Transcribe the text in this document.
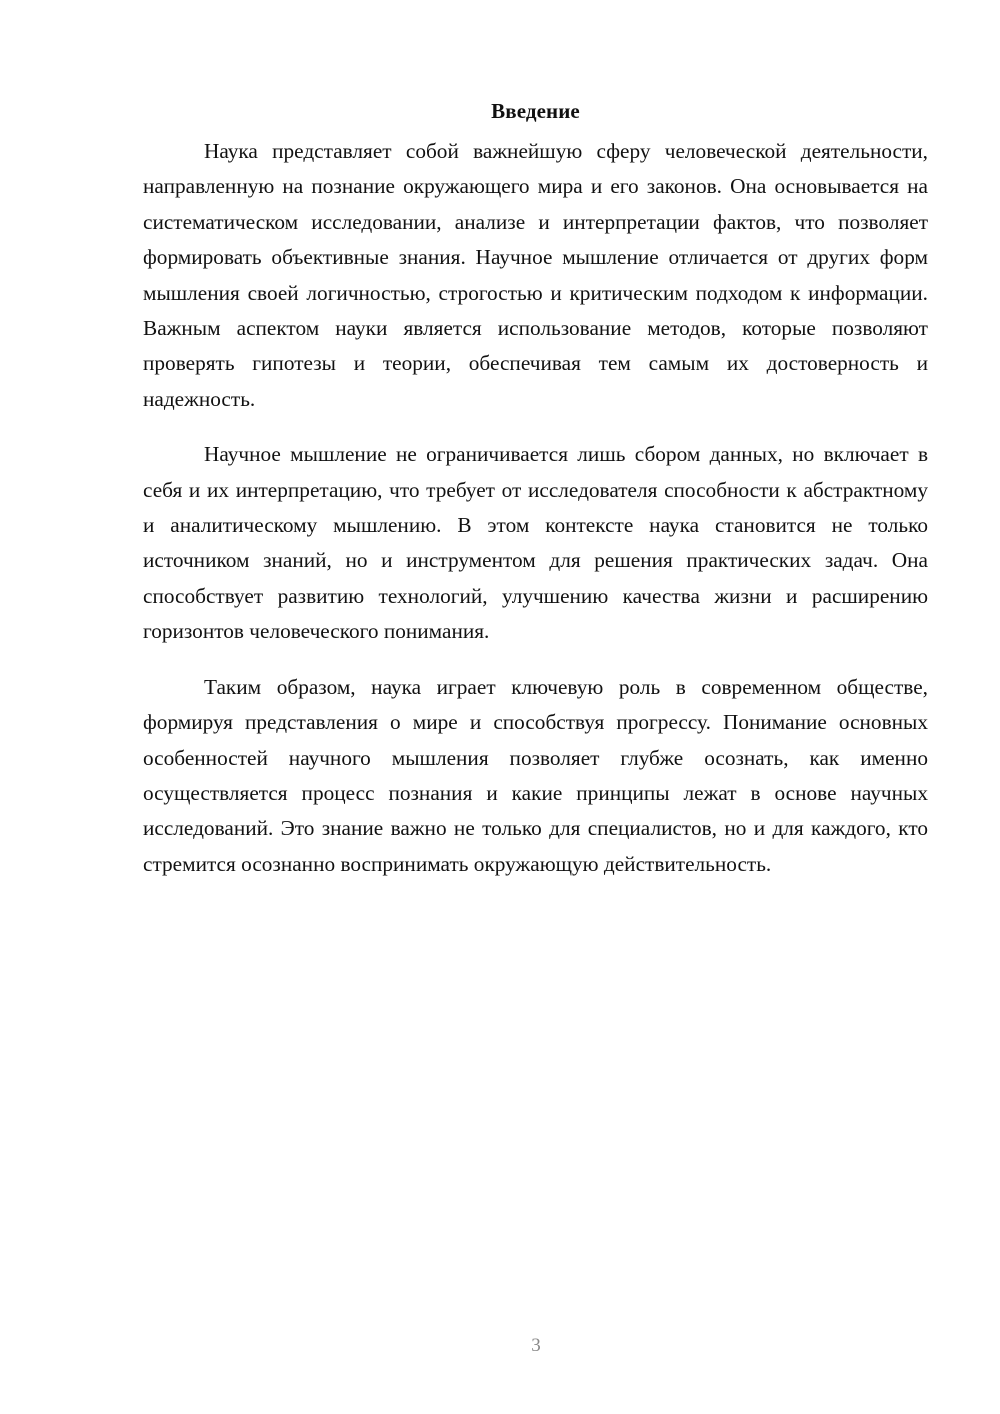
Введение

Наука представляет собой важнейшую сферу человеческой деятельности, направленную на познание окружающего мира и его законов. Она основывается на систематическом исследовании, анализе и интерпретации фактов, что позволяет формировать объективные знания. Научное мышление отличается от других форм мышления своей логичностью, строгостью и критическим подходом к информации. Важным аспектом науки является использование методов, которые позволяют проверять гипотезы и теории, обеспечивая тем самым их достоверность и надежность.

Научное мышление не ограничивается лишь сбором данных, но включает в себя и их интерпретацию, что требует от исследователя способности к абстрактному и аналитическому мышлению. В этом контексте наука становится не только источником знаний, но и инструментом для решения практических задач. Она способствует развитию технологий, улучшению качества жизни и расширению горизонтов человеческого понимания.

Таким образом, наука играет ключевую роль в современном обществе, формируя представления о мире и способствуя прогрессу. Понимание основных особенностей научного мышления позволяет глубже осознать, как именно осуществляется процесс познания и какие принципы лежат в основе научных исследований. Это знание важно не только для специалистов, но и для каждого, кто стремится осознанно воспринимать окружающую действительность.

3
